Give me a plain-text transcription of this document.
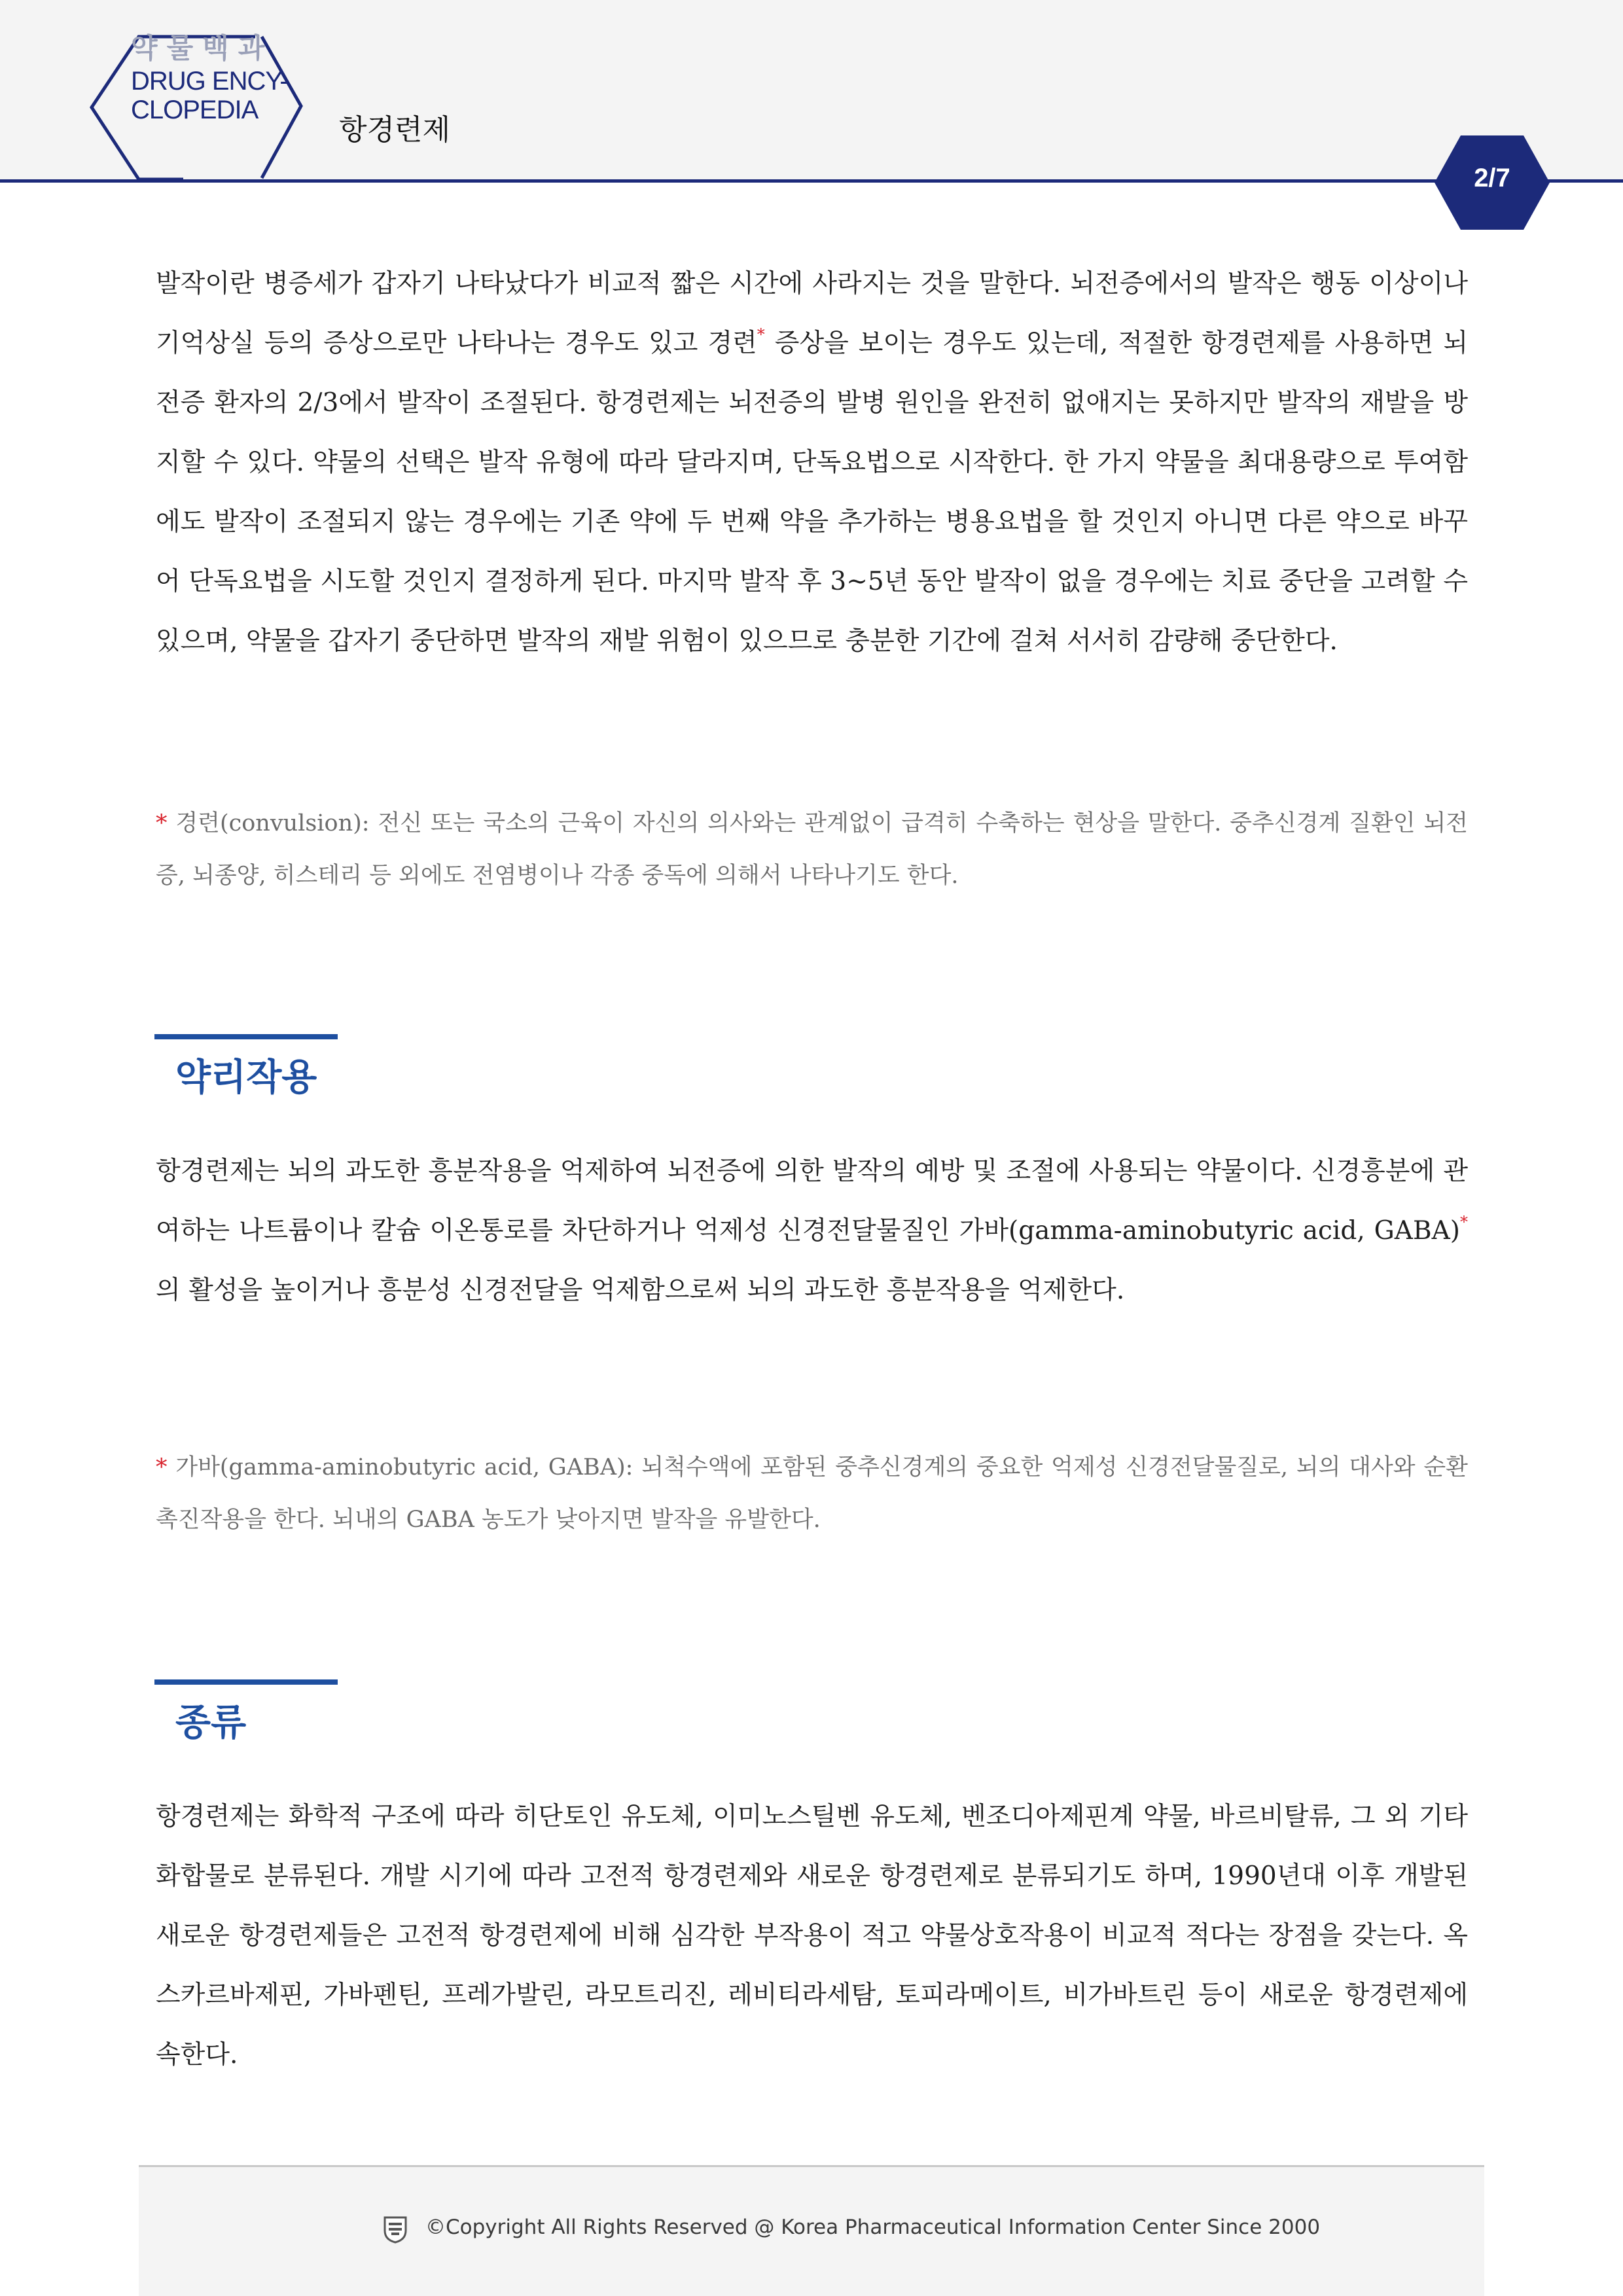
약물백과
DRUG ENCY-
CLOPEDIA
항경련제
2/7

발작이란 병증세가 갑자기 나타났다가 비교적 짧은 시간에 사라지는 것을 말한다. 뇌전증에서의 발작은 행동 이상이나 기억상실 등의 증상으로만 나타나는 경우도 있고 경련* 증상을 보이는 경우도 있는데, 적절한 항경련제를 사용하면 뇌전증 환자의 2/3에서 발작이 조절된다. 항경련제는 뇌전증의 발병 원인을 완전히 없애지는 못하지만 발작의 재발을 방지할 수 있다. 약물의 선택은 발작 유형에 따라 달라지며, 단독요법으로 시작한다. 한 가지 약물을 최대용량으로 투여함에도 발작이 조절되지 않는 경우에는 기존 약에 두 번째 약을 추가하는 병용요법을 할 것인지 아니면 다른 약으로 바꾸어 단독요법을 시도할 것인지 결정하게 된다. 마지막 발작 후 3~5년 동안 발작이 없을 경우에는 치료 중단을 고려할 수 있으며, 약물을 갑자기 중단하면 발작의 재발 위험이 있으므로 충분한 기간에 걸쳐 서서히 감량해 중단한다.

* 경련(convulsion): 전신 또는 국소의 근육이 자신의 의사와는 관계없이 급격히 수축하는 현상을 말한다. 중추신경계 질환인 뇌전증, 뇌종양, 히스테리 등 외에도 전염병이나 각종 중독에 의해서 나타나기도 한다.

약리작용

항경련제는 뇌의 과도한 흥분작용을 억제하여 뇌전증에 의한 발작의 예방 및 조절에 사용되는 약물이다. 신경흥분에 관여하는 나트륨이나 칼슘 이온통로를 차단하거나 억제성 신경전달물질인 가바(gamma-aminobutyric acid, GABA)*의 활성을 높이거나 흥분성 신경전달을 억제함으로써 뇌의 과도한 흥분작용을 억제한다.

* 가바(gamma-aminobutyric acid, GABA): 뇌척수액에 포함된 중추신경계의 중요한 억제성 신경전달물질로, 뇌의 대사와 순환 촉진작용을 한다. 뇌내의 GABA 농도가 낮아지면 발작을 유발한다.

종류

항경련제는 화학적 구조에 따라 히단토인 유도체, 이미노스틸벤 유도체, 벤조디아제핀계 약물, 바르비탈류, 그 외 기타 화합물로 분류된다. 개발 시기에 따라 고전적 항경련제와 새로운 항경련제로 분류되기도 하며, 1990년대 이후 개발된 새로운 항경련제들은 고전적 항경련제에 비해 심각한 부작용이 적고 약물상호작용이 비교적 적다는 장점을 갖는다. 옥스카르바제핀, 가바펜틴, 프레가발린, 라모트리진, 레비티라세탐, 토피라메이트, 비가바트린 등이 새로운 항경련제에 속한다.

©Copyright All Rights Reserved @ Korea Pharmaceutical Information Center Since 2000
